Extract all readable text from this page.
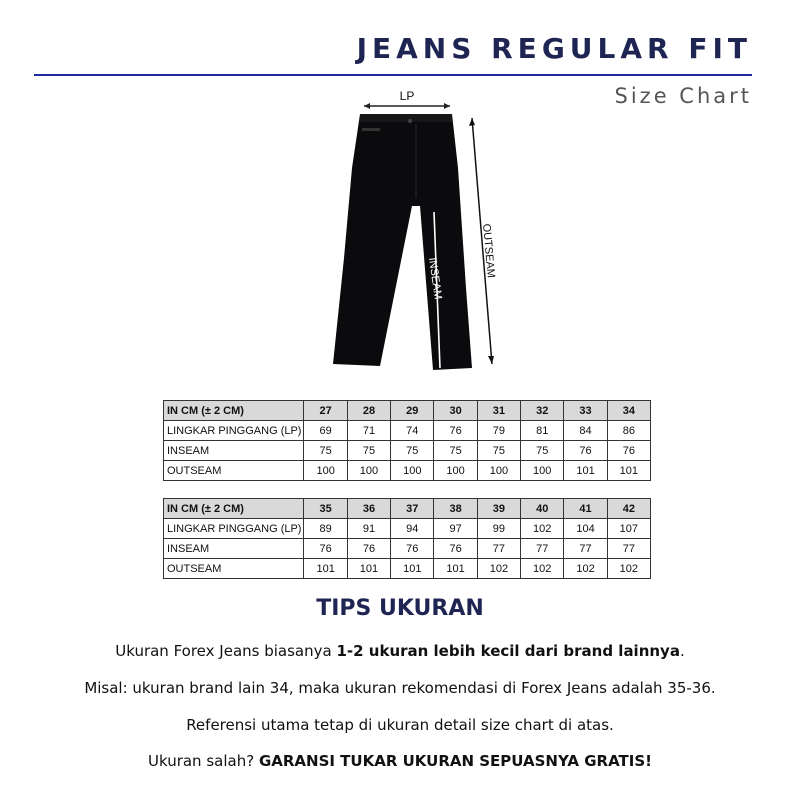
JEANS REGULAR FIT
Size Chart
LP
INSEAM
OUTSEAM
IN CM (± 2 CM)	27	28	29	30	31	32	33	34
LINGKAR PINGGANG (LP)	69	71	74	76	79	81	84	86
INSEAM	75	75	75	75	75	75	76	76
OUTSEAM	100	100	100	100	100	100	101	101
IN CM (± 2 CM)	35	36	37	38	39	40	41	42
LINGKAR PINGGANG (LP)	89	91	94	97	99	102	104	107
INSEAM	76	76	76	76	77	77	77	77
OUTSEAM	101	101	101	101	102	102	102	102
TIPS UKURAN
Ukuran Forex Jeans biasanya 1-2 ukuran lebih kecil dari brand lainnya.
Misal: ukuran brand lain 34, maka ukuran rekomendasi di Forex Jeans adalah 35-36.
Referensi utama tetap di ukuran detail size chart di atas.
Ukuran salah? GARANSI TUKAR UKURAN SEPUASNYA GRATIS!
